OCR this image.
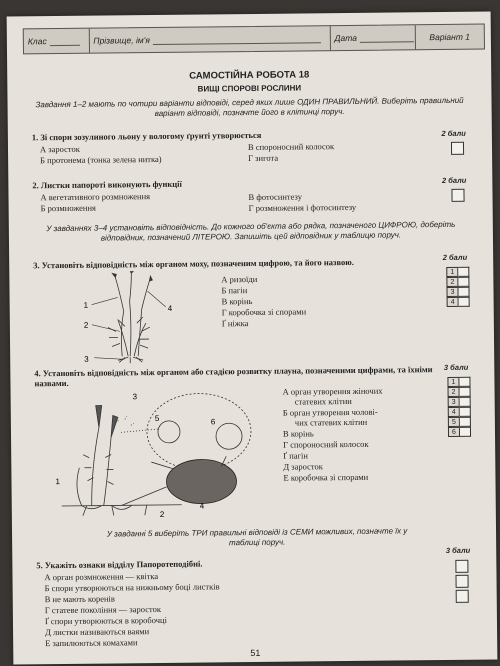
Клас	Прізвище, ім'я	Дата	Варіант 1
САМОСТІЙНА РОБОТА 18
ВИЩІ СПОРОВІ РОСЛИНИ
Завдання 1–2 мають по чотири варіанти відповіді, серед яких лише ОДИН ПРАВИЛЬНИЙ. Виберіть правильний варіант відповіді, позначте його в клітинці поруч.
1. Зі спори зозулиного льону у вологому ґрунті утворюється	2 бали
А заросток
Б протонема (тонка зелена нитка)
В спороносний колосок
Г зигота
2. Листки папороті виконують функції	2 бали
А вегетативного розмноження
Б розмноження
В фотосинтезу
Г розмноження і фотосинтезу
У завданнях 3–4 установіть відповідність. До кожного об'єкта або рядка, позначеного ЦИФРОЮ, доберіть відповідник, позначений ЛІТЕРОЮ. Запишіть цей відповідник у таблицю поруч.
3. Установіть відповідність між органом моху, позначеним цифрою, та його назвою.	2 бали
1
2
3
4
А ризоїди
Б пагін
В корінь
Г коробочка зі спорами
Ґ ніжка
1
2
3
4
4. Установіть відповідність між органом або стадією розвитку плауна, позначеними цифрами, та їхніми назвами.
3 бали
3
1
2
4
5	6
А орган утворення жіночих
статевих клітин
Б орган утворення чолові-
чих статевих клітин
В корінь
Г спороносний колосок
Ґ пагін
Д заросток
Е коробочка зі спорами
1
2
3
4
5
6
У завданні 5 виберіть ТРИ правильні відповіді із СЕМИ можливих, позначте їх у таблиці поруч.
5. Укажіть ознаки відділу Папоротеподібні.
3 бали
А орган розмноження — квітка
Б спори утворюються на нижньому боці листків
В не мають коренів
Г статеве покоління — заросток
Ґ спори утворюються в коробочці
Д листки називаються ваями
Е запилюються комахами
51
